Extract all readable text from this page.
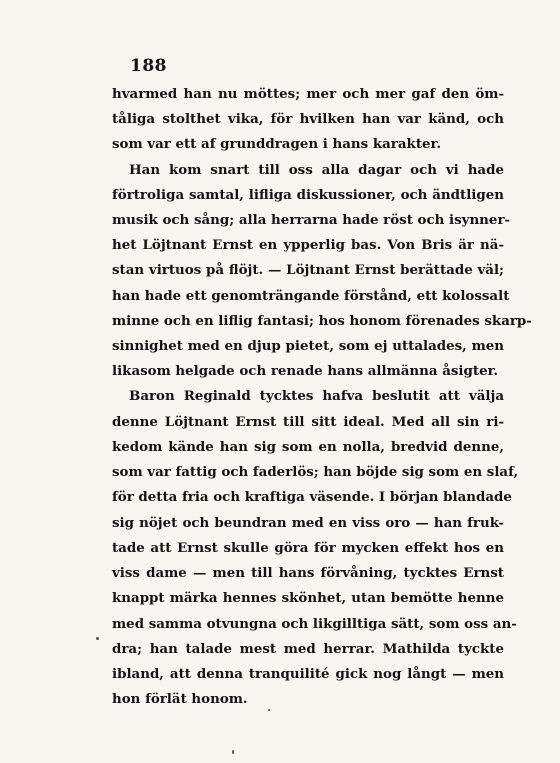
188
hvarmed han nu möttes; mer och mer gaf den öm-
tåliga stolthet vika, för hvilken han var känd, och
som var ett af grunddragen i hans karakter.
Han kom snart till oss alla dagar och vi hade
förtroliga samtal, lifliga diskussioner, och ändtligen
musik och sång; alla herrarna hade röst och isynner-
het Löjtnant Ernst en ypperlig bas. Von Bris är nä-
stan virtuos på flöjt. — Löjtnant Ernst berättade väl;
han hade ett genomträngande förstånd, ett kolossalt
minne och en liflig fantasi; hos honom förenades skarp-
sinnighet med en djup pietet, som ej uttalades, men
likasom helgade och renade hans allmänna åsigter.
Baron Reginald tycktes hafva beslutit att välja
denne Löjtnant Ernst till sitt ideal. Med all sin ri-
kedom kände han sig som en nolla, bredvid denne,
som var fattig och faderlös; han böjde sig som en slaf,
för detta fria och kraftiga väsende. I början blandade
sig nöjet och beundran med en viss oro — han fruk-
tade att Ernst skulle göra för mycken effekt hos en
viss dame — men till hans förvåning, tycktes Ernst
knappt märka hennes skönhet, utan bemötte henne
med samma otvungna och likgilltiga sätt, som oss an-
dra; han talade mest med herrar. Mathilda tyckte
ibland, att denna tranquilité gick nog långt — men
hon förlät honom.
